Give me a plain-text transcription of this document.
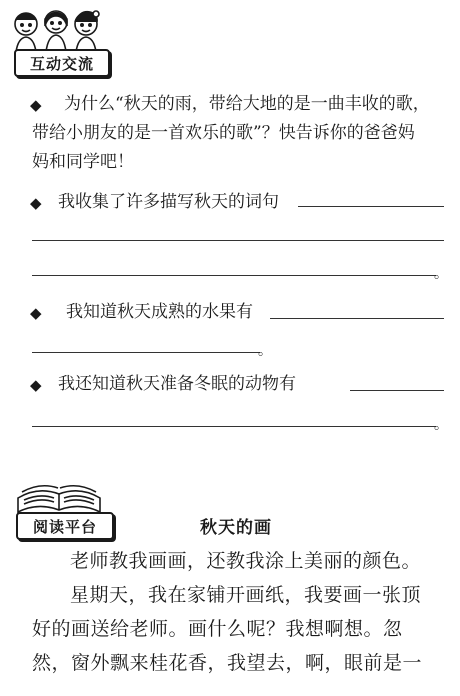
互动交流
◆ 为什么“秋天的雨，带给大地的是一曲丰收的歌，
带给小朋友的是一首欢乐的歌”？快告诉你的爸爸妈
妈和同学吧！
◆ 我收集了许多描写秋天的词句
。
◆ 我知道秋天成熟的水果有
。
◆ 我还知道秋天准备冬眠的动物有
。
阅读平台	秋天的画
老师教我画画，还教我涂上美丽的颜色。
星期天，我在家铺开画纸，我要画一张顶
好的画送给老师。画什么呢？我想啊想。忽
然，窗外飘来桂花香，我望去，啊，眼前是一
